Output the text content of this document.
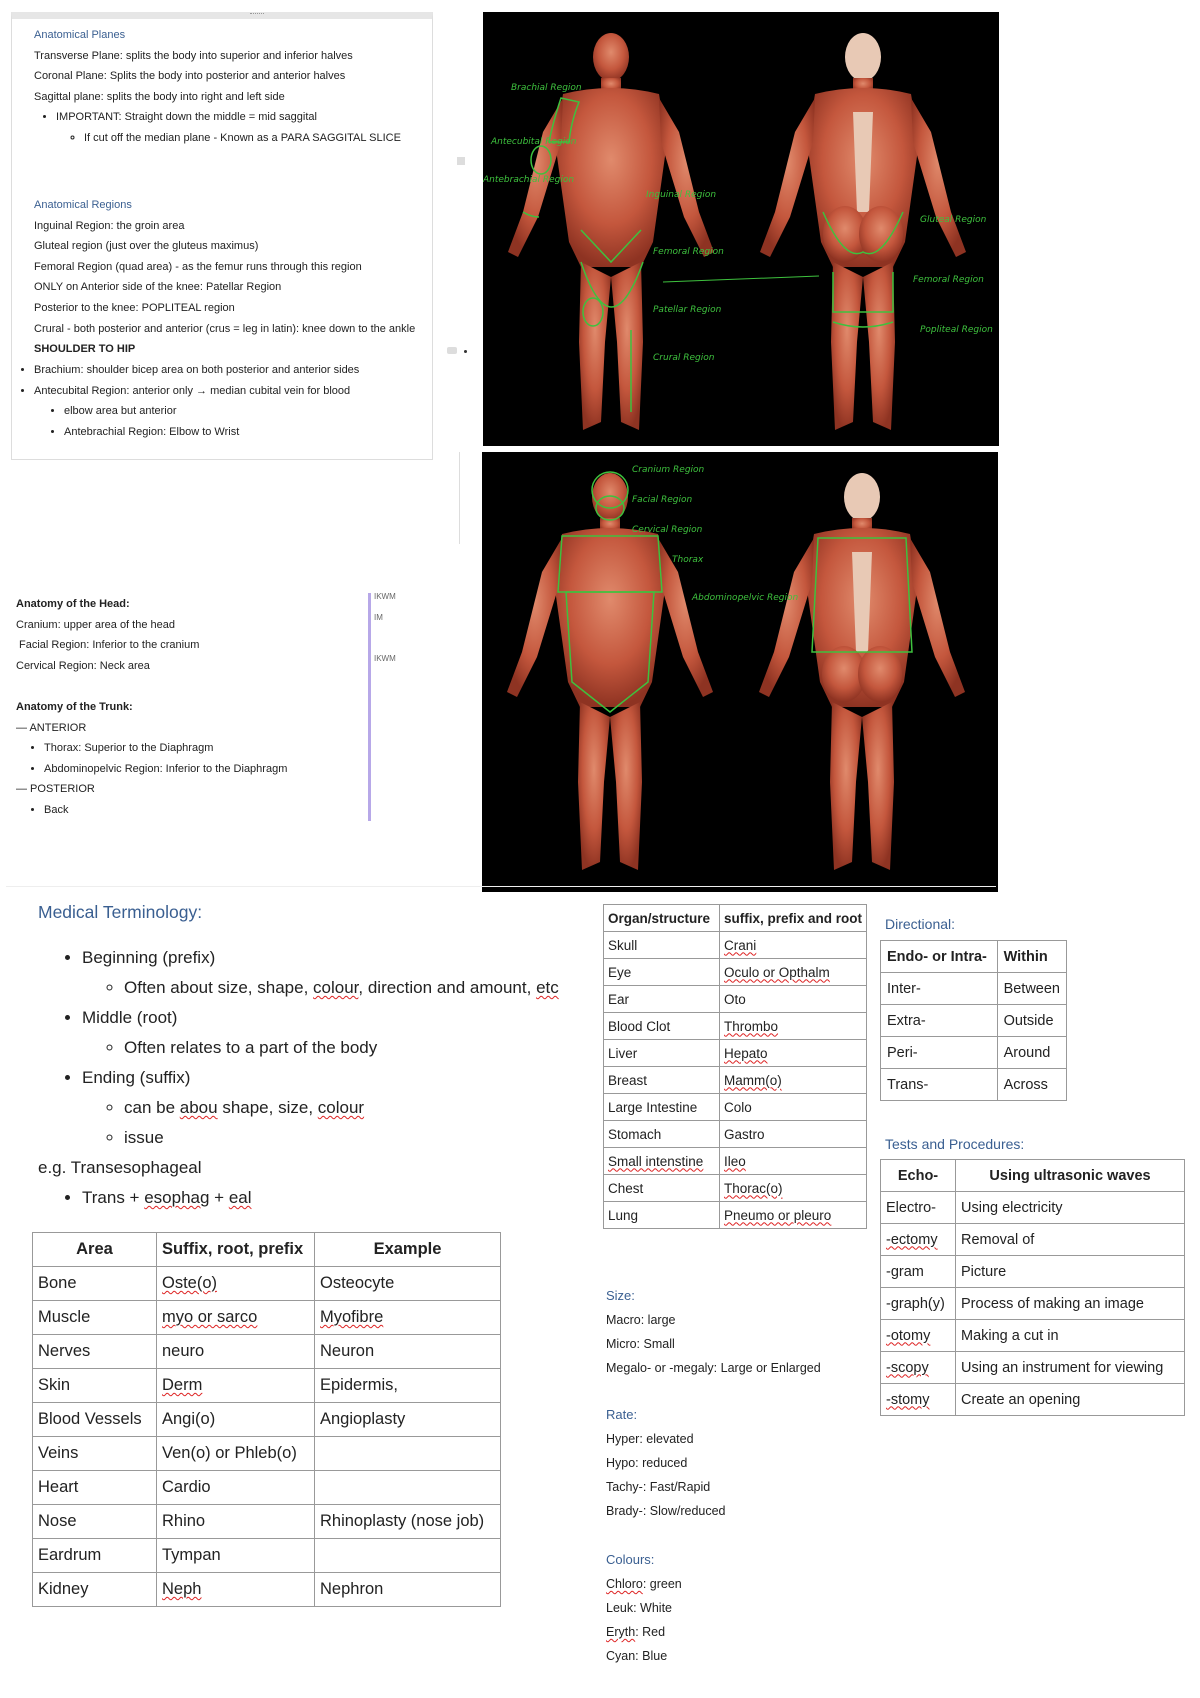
Anatomical Planes

Transverse Plane: splits the body into superior and inferior halves

Coronal Plane: Splits the body into posterior and anterior halves

Sagittal plane: splits the body into right and left side

• IMPORTANT: Straight down the middle = mid saggital
◦ If cut off the median plane - Known as a PARA SAGGITAL SLICE

Anatomical Regions

Inguinal Region: the groin area

Gluteal region (just over the gluteus maximus)

Femoral Region (quad area) - as the femur runs through this region

ONLY on Anterior side of the knee: Patellar Region

Posterior to the knee: POPLITEAL region

Crural - both posterior and anterior (crus = leg in latin): knee down to the ankle

SHOULDER TO HIP

• Brachium: shoulder bicep area on both posterior and anterior sides
• Antecubital Region: anterior only → median cubital vein for blood
• elbow area but anterior
• Antebrachial Region: Elbow to Wrist
Brachial Region
Antecubital Region
Antebrachial Region
Inguinal Region
Femoral Region
Patellar Region
Crural Region
Gluteal Region
Femoral Region
Popliteal Region
Cranium Region
Facial Region
Cervical Region
Thorax
Abdominopelvic Region

Anatomy of the Head:

Cranium: upper area of the head

Facial Region: Inferior to the cranium

Cervical Region: Neck area

Anatomy of the Trunk:

— ANTERIOR

• Thorax: Superior to the Diaphragm
• Abdominopelvic Region: Inferior to the Diaphragm

— POSTERIOR

• Back
IKWM
IM
IKWM

Medical Terminology:

• Beginning (prefix)
◦ Often about size, shape, colour, direction and amount, etc
• Middle (root)
◦ Often relates to a part of the body
• Ending (suffix)
◦ can be abou shape, size, colour
◦ issue

e.g. Transesophageal

• Trans + esophag + eal
Area	Suffix, root, prefix	Example
Bone	Oste(o)	Osteocyte
Muscle	myo or sarco	Myofibre
Nerves	neuro	Neuron
Skin	Derm	Epidermis,
Blood Vessels	Angi(o)	Angioplasty
Veins	Ven(o) or Phleb(o)	
Heart	Cardio	
Nose	Rhino	Rhinoplasty (nose job)
Eardrum	Tympan	
Kidney	Neph	Nephron
Organ/structure	suffix, prefix and root
Skull	Crani
Eye	Oculo or Opthalm
Ear	Oto
Blood Clot	Thrombo
Liver	Hepato
Breast	Mamm(o)
Large Intestine	Colo
Stomach	Gastro
Small intenstine	Ileo
Chest	Thorac(o)
Lung	Pneumo or pleuro

Size:

Macro: large

Micro: Small

Megalo- or -megaly: Large or Enlarged

Rate:

Hyper: elevated

Hypo: reduced

Tachy-: Fast/Rapid

Brady-: Slow/reduced

Colours:

Chloro: green

Leuk: White

Eryth: Red

Cyan: Blue

Directional:
Endo- or Intra-	Within
Inter-	Between
Extra-	Outside
Peri-	Around
Trans-	Across
Tests and Procedures:
Echo-	Using ultrasonic waves
Electro-	Using electricity
-ectomy	Removal of
-gram	Picture
-graph(y)	Process of making an image
-otomy	Making a cut in
-scopy	Using an instrument for viewing
-stomy	Create an opening
